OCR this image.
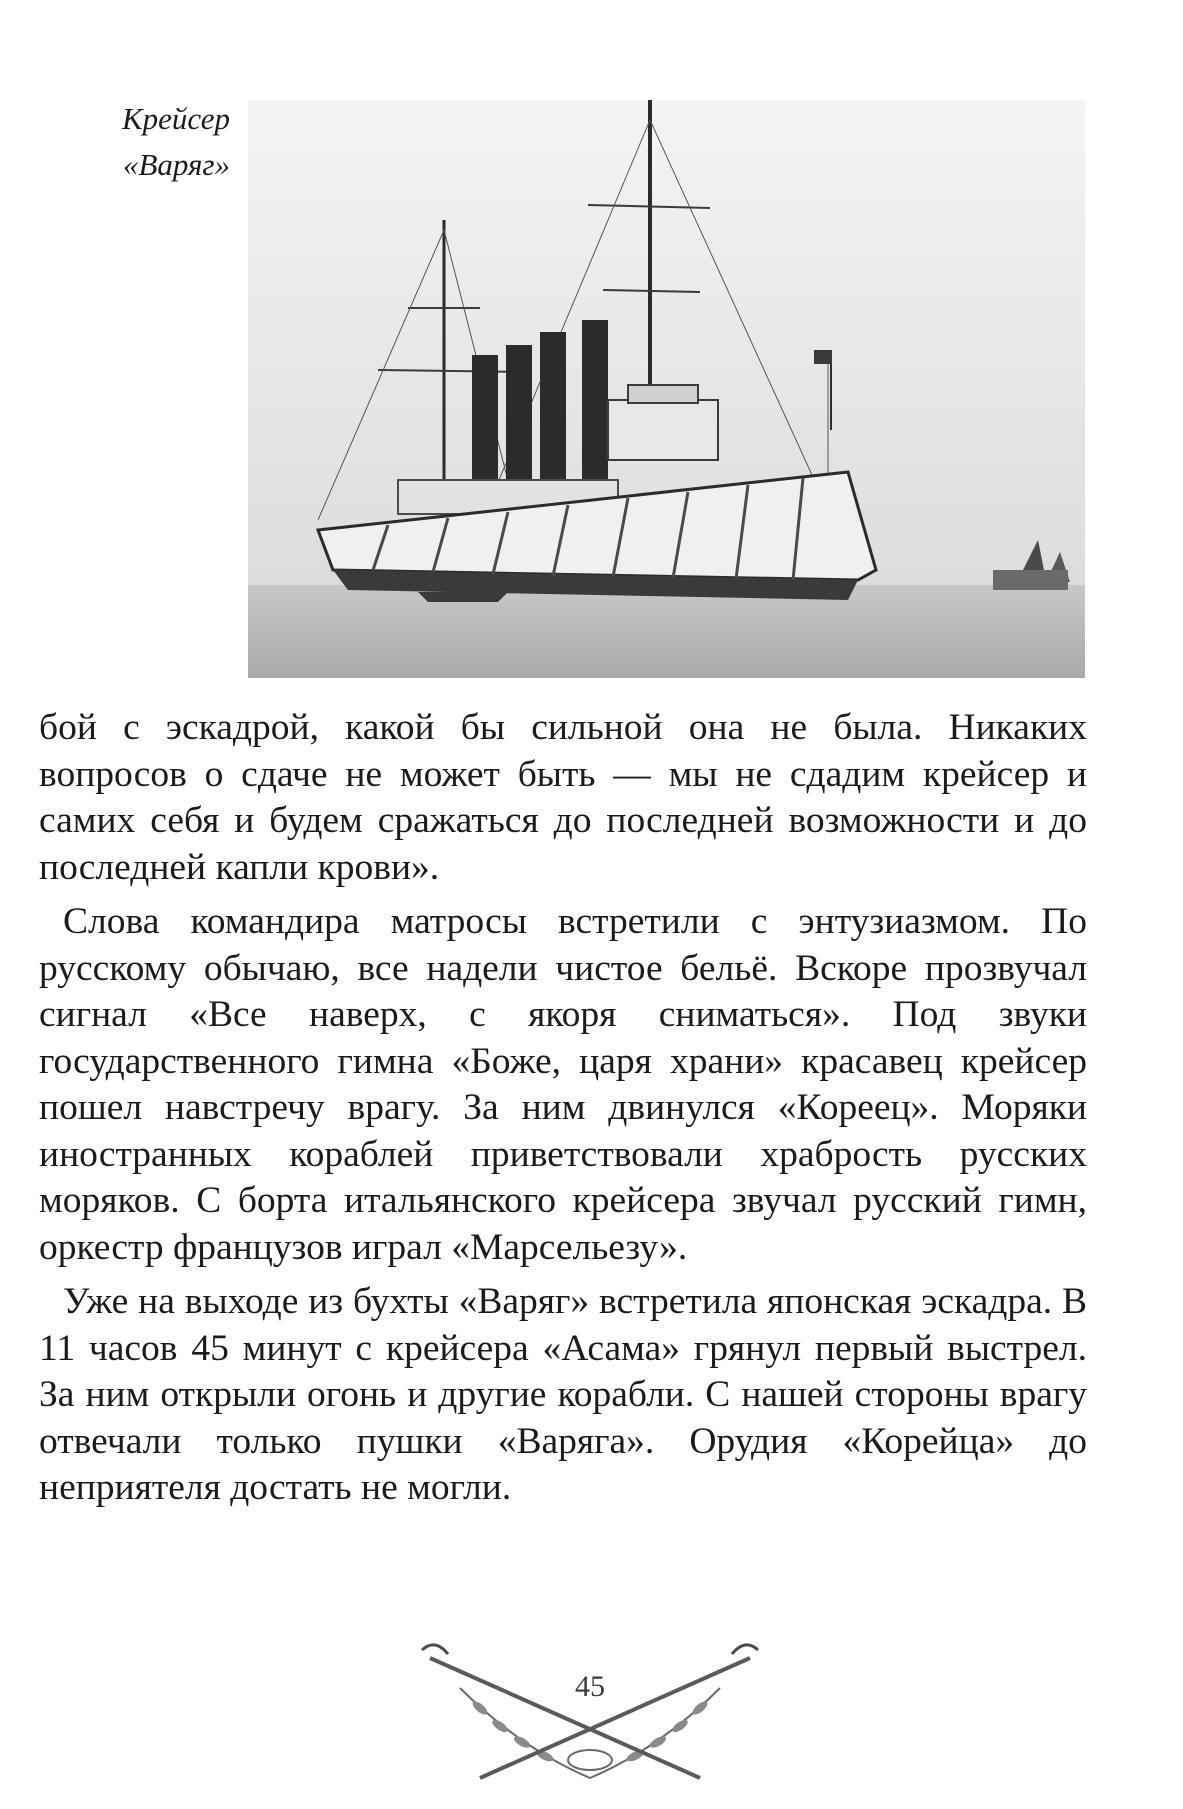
Крейсер
«Варяг»

бой с эскадрой, какой бы сильной она не была. Никаких вопросов о сдаче не может быть — мы не сдадим крейсер и самих себя и будем сражаться до последней возможности и до последней капли крови».

Слова командира матросы встретили с энтузиазмом. По русскому обычаю, все надели чистое бельё. Вскоре прозвучал сигнал «Все наверх, с якоря сниматься». Под звуки государственного гимна «Боже, царя храни» красавец крейсер пошел навстречу врагу. За ним двинулся «Кореец». Моряки иностранных кораблей приветствовали храбрость русских моряков. С борта итальянского крейсера звучал русский гимн, оркестр французов играл «Марсельезу».

Уже на выходе из бухты «Варяг» встретила японская эскадра. В 11 часов 45 минут с крейсера «Асама» грянул первый выстрел. За ним открыли огонь и другие корабли. С нашей стороны врагу отвечали только пушки «Варяга». Орудия «Корейца» до неприятеля достать не могли.

45
